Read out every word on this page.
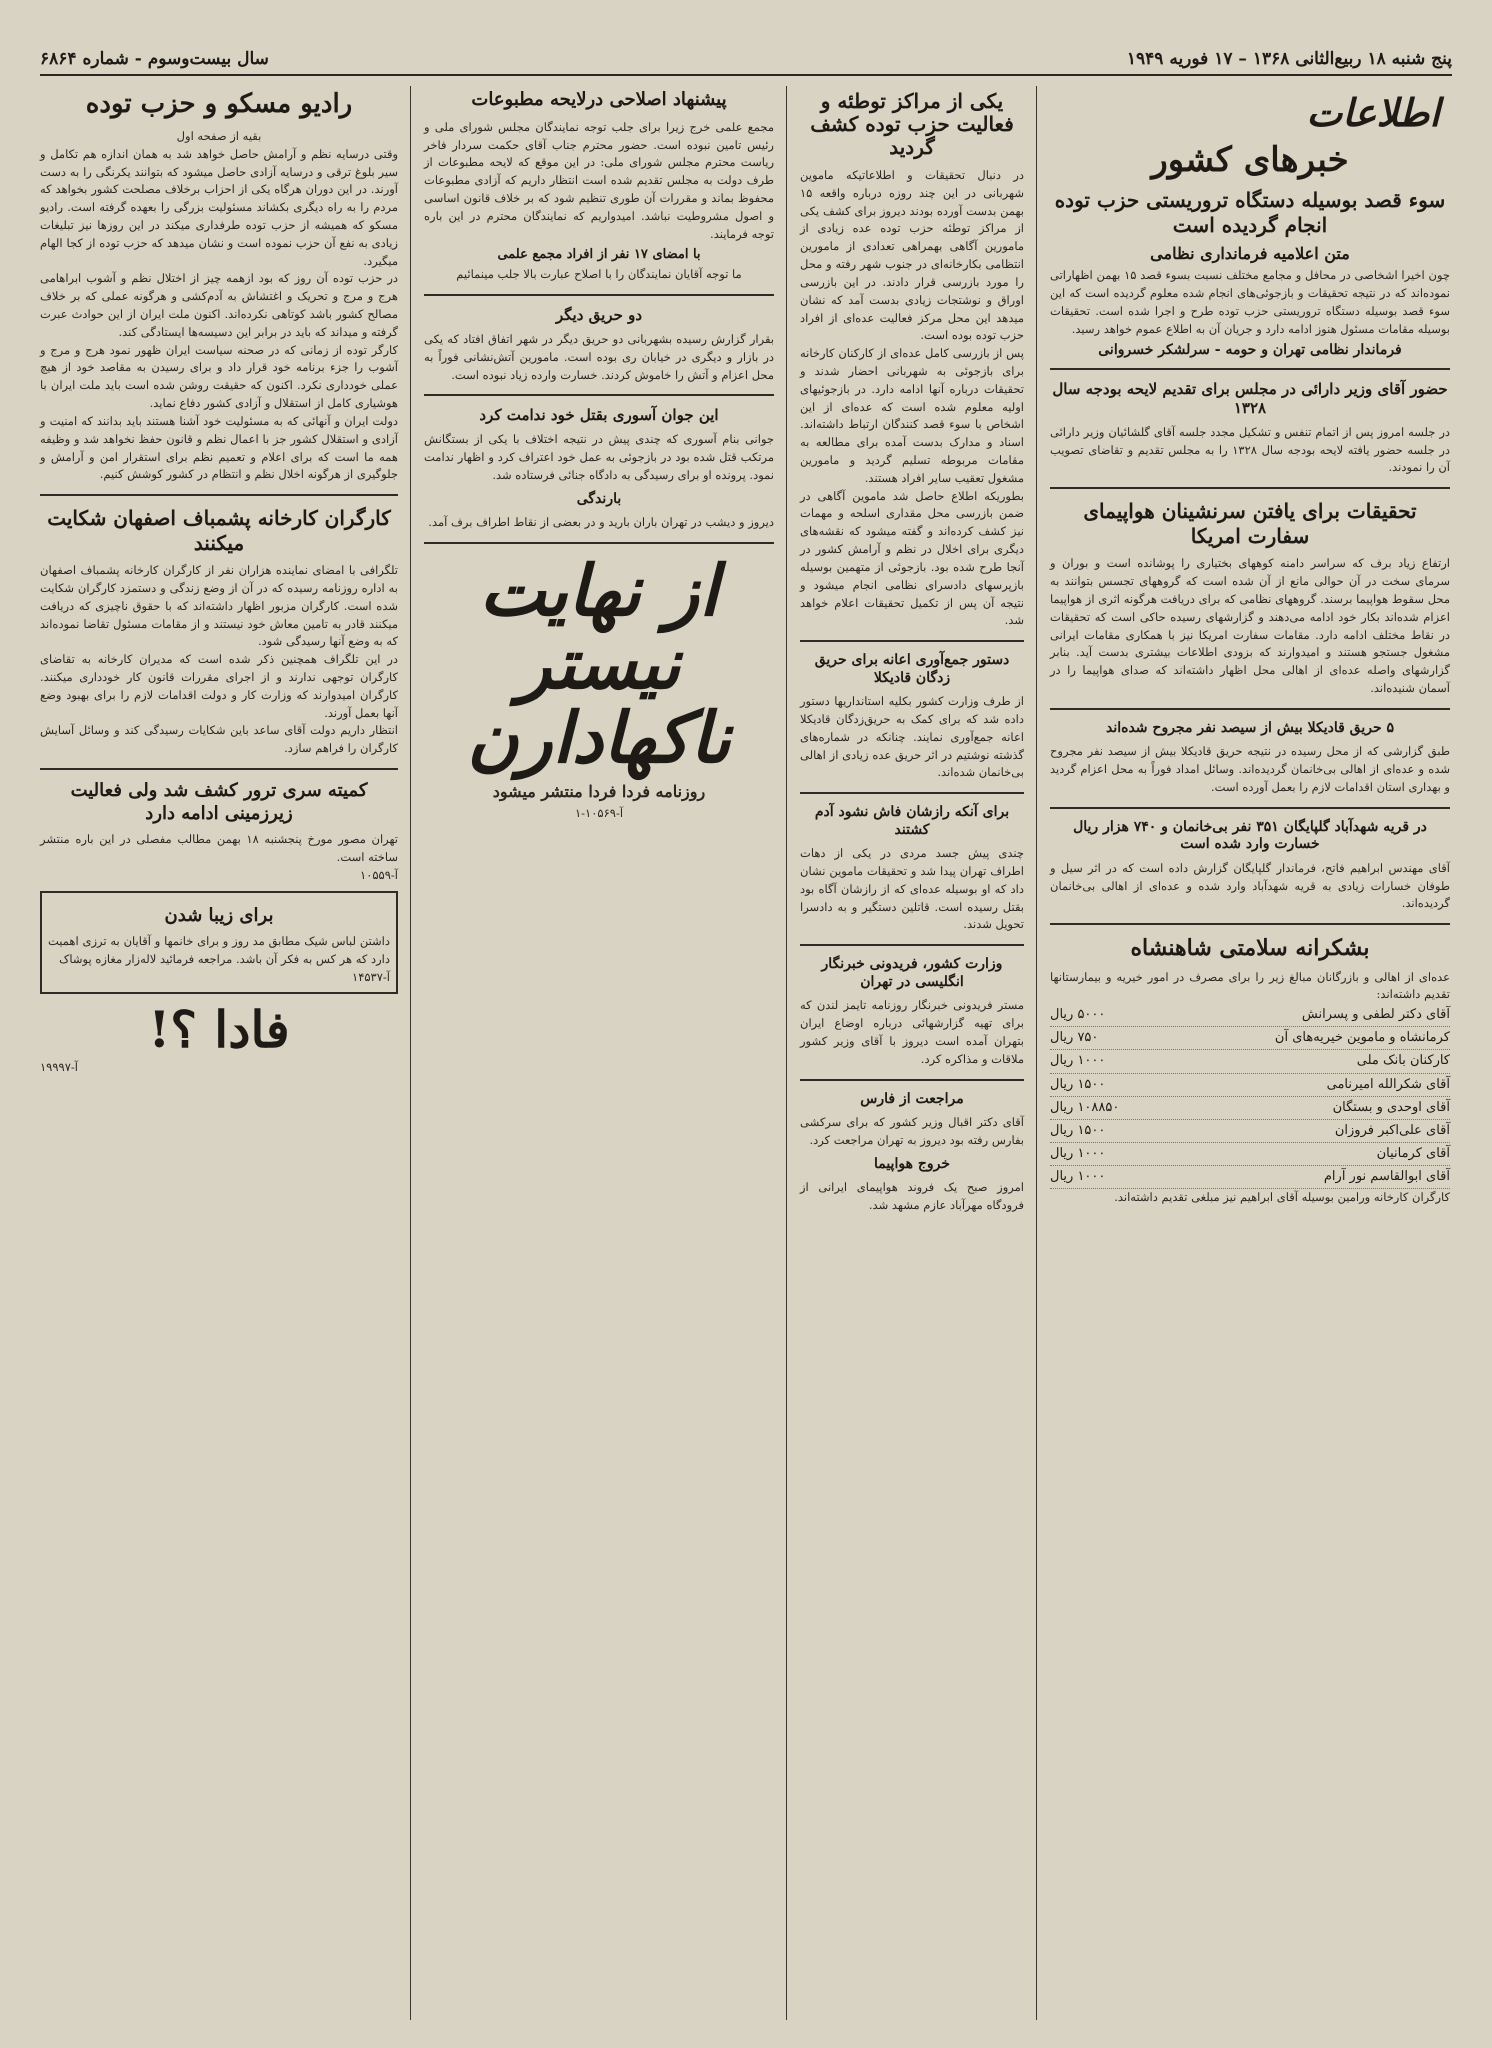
پنج شنبه ۱۸ ربیع‌الثانی ۱۳۶۸ – ۱۷ فوریه ۱۹۴۹
سال بیست‌و‌سوم - شماره ۶۸۶۴
اطلاعات
خبرهای کشور
سوء قصد بوسیله دستگاه تروریستی حزب توده انجام گردیده است
متن اعلامیه فرمانداری نظامی
چون اخیرا اشخاصی در محافل و مجامع مختلف نسبت بسوء قصد ۱۵ بهمن اظهاراتی نموده‌اند که در نتیجه تحقیقات و بازجوئی‌های انجام شده معلوم گردیده است که این سوء قصد بوسیله دستگاه تروریستی حزب توده طرح و اجرا شده است. تحقیقات بوسیله مقامات مسئول هنوز ادامه دارد و جریان آن به اطلاع عموم خواهد رسید.
فرماندار نظامی تهران و حومه - سرلشکر خسروانی
حضور آقای وزیر دارائی در مجلس برای تقدیم لایحه بودجه سال ۱۳۲۸
در جلسه امروز پس از اتمام تنفس و تشکیل مجدد جلسه آقای گلشائیان وزیر دارائی در جلسه حضور یافته لایحه بودجه سال ۱۳۲۸ را به مجلس تقدیم و تقاضای تصویب آن را نمودند.
تحقیقات برای یافتن سرنشینان هواپیمای سفارت امریکا
ارتفاع زیاد برف که سراسر دامنه کوههای بختیاری را پوشانده است و بوران و سرمای سخت در آن حوالی مانع از آن شده است که گروههای تجسس بتوانند به محل سقوط هواپیما برسند. گروههای نظامی که برای دریافت هرگونه اثری از هواپیما اعزام شده‌اند بکار خود ادامه می‌دهند و گزارشهای رسیده حاکی است که تحقیقات در نقاط مختلف ادامه دارد. مقامات سفارت امریکا نیز با همکاری مقامات ایرانی مشغول جستجو هستند و امیدوارند که بزودی اطلاعات بیشتری بدست آید. بنابر گزارشهای واصله عده‌ای از اهالی محل اظهار داشته‌اند که صدای هواپیما را در آسمان شنیده‌اند.
۵ حریق قادیکلا بیش از سیصد نفر مجروح شده‌اند
طبق گزارشی که از محل رسیده در نتیجه حریق قادیکلا بیش از سیصد نفر مجروح شده و عده‌ای از اهالی بی‌خانمان گردیده‌اند. وسائل امداد فوراً به محل اعزام گردید و بهداری استان اقدامات لازم را بعمل آورده است.
در قریه شهدآباد گلپایگان ۳۵۱ نفر بی‌خانمان و ۷۴۰ هزار ریال خسارت وارد شده است
آقای مهندس ابراهیم فاتح، فرماندار گلپایگان گزارش داده است که در اثر سیل و طوفان خسارات زیادی به قریه شهدآباد وارد شده و عده‌ای از اهالی بی‌خانمان گردیده‌اند.
بشکرانه سلامتی شاهنشاه
عده‌ای از اهالی و بازرگانان مبالغ زیر را برای مصرف در امور خیریه و بیمارستانها تقدیم داشته‌اند:
آقای دکتر لطفی و پسرانش
۵۰۰۰ ریال
کرمانشاه و ماموین خیریه‌های آن
۷۵۰ ریال
کارکنان بانک ملی
۱۰۰۰ ریال
آقای شکرالله امیرنامی
۱۵۰۰ ریال
آقای اوحدی و بستگان
۱۰۸۸۵۰ ریال
آقای علی‌اکبر فروزان
۱۵۰۰ ریال
آقای کرمانیان
۱۰۰۰ ریال
آقای ابوالقاسم نور آرام
۱۰۰۰ ریال
کارگران کارخانه ورامین بوسیله آقای ابراهیم نیز مبلغی تقدیم داشته‌اند.
یکی از مراکز توطئه و فعالیت حزب توده کشف گردید
در دنبال تحقیقات و اطلاعاتیکه ماموین شهربانی در این چند روزه درباره واقعه ۱۵ بهمن بدست آورده بودند دیروز برای کشف یکی از مراکز توطئه حزب توده عده زیادی از مامورین آگاهی بهمراهی تعدادی از مامورین انتظامی بکارخانه‌ای در جنوب شهر رفته و محل را مورد بازرسی قرار دادند. در این بازرسی اوراق و نوشتجات زیادی بدست آمد که نشان میدهد این محل مرکز فعالیت عده‌ای از افراد حزب توده بوده است.
پس از بازرسی کامل عده‌ای از کارکنان کارخانه برای بازجوئی به شهربانی احضار شدند و تحقیقات درباره آنها ادامه دارد. در بازجوئیهای اولیه معلوم شده است که عده‌ای از این اشخاص با سوء قصد کنندگان ارتباط داشته‌اند. اسناد و مدارک بدست آمده برای مطالعه به مقامات مربوطه تسلیم گردید و مامورین مشغول تعقیب سایر افراد هستند.
بطوریکه اطلاع حاصل شد ماموین آگاهی در ضمن بازرسی محل مقداری اسلحه و مهمات نیز کشف کرده‌اند و گفته میشود که نقشه‌های دیگری برای اخلال در نظم و آرامش کشور در آنجا طرح شده بود. بازجوئی از متهمین بوسیله بازپرسهای دادسرای نظامی انجام میشود و نتیجه آن پس از تکمیل تحقیقات اعلام خواهد شد.
دستور جمع‌آوری اعانه برای حریق زدگان قادیکلا
از طرف وزارت کشور بکلیه استانداریها دستور داده شد که برای کمک به حریق‌زدگان قادیکلا اعانه جمع‌آوری نمایند. چنانکه در شماره‌های گذشته نوشتیم در اثر حریق عده زیادی از اهالی بی‌خانمان شده‌اند.
برای آنکه رازشان فاش نشود آدم کشتند
چندی پیش جسد مردی در یکی از دهات اطراف تهران پیدا شد و تحقیقات ماموین نشان داد که او بوسیله عده‌ای که از رازشان آگاه بود بقتل رسیده است. قاتلین دستگیر و به دادسرا تحویل شدند.
وزارت کشور، فریدونی خبرنگار انگلیسی در تهران
مستر فریدونی خبرنگار روزنامه تایمز لندن که برای تهیه گزارشهائی درباره اوضاع ایران بتهران آمده است دیروز با آقای وزیر کشور ملاقات و مذاکره کرد.
مراجعت از فارس
آقای دکتر اقبال وزیر کشور که برای سرکشی بفارس رفته بود دیروز به تهران مراجعت کرد.
خروج هواپیما
امروز صبح یک فروند هواپیمای ایرانی از فرودگاه مهرآباد عازم مشهد شد.
پیشنهاد اصلاحی درلایحه مطبوعات
مجمع علمی خرج زیرا برای جلب توجه نمایندگان مجلس شورای ملی و رئیس تامین نبوده است. حضور محترم جناب آقای حکمت سردار فاخر ریاست محترم مجلس شورای ملی: در این موقع که لایحه مطبوعات از طرف دولت به مجلس تقدیم شده است انتظار داریم که آزادی مطبوعات محفوظ بماند و مقررات آن طوری تنظیم شود که بر خلاف قانون اساسی و اصول مشروطیت نباشد. امیدواریم که نمایندگان محترم در این باره توجه فرمایند.
با امضای ۱۷ نفر از افراد مجمع علمی
ما توجه آقایان نمایندگان را با اصلاح عبارت بالا جلب مینمائیم
دو حریق دیگر
بقرار گزارش رسیده بشهربانی دو حریق دیگر در شهر اتفاق افتاد که یکی در بازار و دیگری در خیابان ری بوده است. مامورین آتش‌نشانی فوراً به محل اعزام و آتش را خاموش کردند. خسارت وارده زیاد نبوده است.
این جوان آسوری بقتل خود ندامت کرد
جوانی بنام آسوری که چندی پیش در نتیجه اختلاف با یکی از بستگانش مرتکب قتل شده بود در بازجوئی به عمل خود اعتراف کرد و اظهار ندامت نمود. پرونده او برای رسیدگی به دادگاه جنائی فرستاده شد.
بارندگی
دیروز و دیشب در تهران باران بارید و در بعضی از نقاط اطراف برف آمد.
از نهایت نیستر ناکهادارن
روزنامه فردا فردا منتشر میشود
آ-۱۰۵۶۹-۱
رادیو مسکو و حزب توده
بقیه از صفحه اول
وقتی درسایه نظم و آرامش حاصل خواهد شد به همان اندازه هم تکامل و سیر بلوغ ترقی و درسایه آزادی حاصل میشود که بتوانند یکرنگی را به دست آورند. در این دوران هرگاه یکی از احزاب برخلاف مصلحت کشور بخواهد که مردم را به راه دیگری بکشاند مسئولیت بزرگی را بعهده گرفته است. رادیو مسکو که همیشه از حزب توده طرفداری میکند در این روزها نیز تبلیغات زیادی به نفع آن حزب نموده است و نشان میدهد که حزب توده از کجا الهام میگیرد.
در حزب توده آن روز که بود ازهمه چیز از اختلال نظم و آشوب ابراهامی هرج و مرج و تحریک و اغتشاش به آدم‌کشی و هرگونه عملی که بر خلاف مصالح کشور باشد کوتاهی نکرده‌اند. اکنون ملت ایران از این حوادث عبرت گرفته و میداند که باید در برابر این دسیسه‌ها ایستادگی کند.
کارگر توده از زمانی که در صحنه سیاست ایران ظهور نمود هرج و مرج و آشوب را جزء برنامه خود قرار داد و برای رسیدن به مقاصد خود از هیچ عملی خودداری نکرد. اکنون که حقیقت روشن شده است باید ملت ایران با هوشیاری کامل از استقلال و آزادی کشور دفاع نماید.
دولت ایران و آنهائی که به مسئولیت خود آشنا هستند باید بدانند که امنیت و آزادی و استقلال کشور جز با اعمال نظم و قانون حفظ نخواهد شد و وظیفه همه ما است که برای اعلام و تعمیم نظم برای استقرار امن و آرامش و جلوگیری از هرگونه اخلال نظم و انتظام در کشور کوشش کنیم.
کارگران کارخانه پشمباف اصفهان شکایت میکنند
تلگرافی با امضای نماینده هزاران نفر از کارگران کارخانه پشمباف اصفهان به اداره روزنامه رسیده که در آن از وضع زندگی و دستمزد کارگران شکایت شده است. کارگران مزبور اظهار داشته‌اند که با حقوق ناچیزی که دریافت میکنند قادر به تامین معاش خود نیستند و از مقامات مسئول تقاضا نموده‌اند که به وضع آنها رسیدگی شود.
در این تلگراف همچنین ذکر شده است که مدیران کارخانه به تقاضای کارگران توجهی ندارند و از اجرای مقررات قانون کار خودداری میکنند. کارگران امیدوارند که وزارت کار و دولت اقدامات لازم را برای بهبود وضع آنها بعمل آورند.
انتظار داریم دولت آقای ساعد باین شکایات رسیدگی کند و وسائل آسایش کارگران را فراهم سازد.
کمیته سری ترور کشف شد ولی فعالیت زیرزمینی ادامه دارد
تهران مصور مورخ پنجشنبه ۱۸ بهمن مطالب مفصلی در این باره منتشر ساخته است.
آ-۱۰۵۵۹
برای زیبا شدن
داشتن لباس شیک مطابق مد روز و برای خانمها و آقایان به ترزی اهمیت دارد که هر کس به فکر آن باشد. مراجعه فرمائید لاله‌زار مغازه پوشاک
آ-۱۴۵۳۷
فادا ؟!
آ-۱۹۹۹۷
